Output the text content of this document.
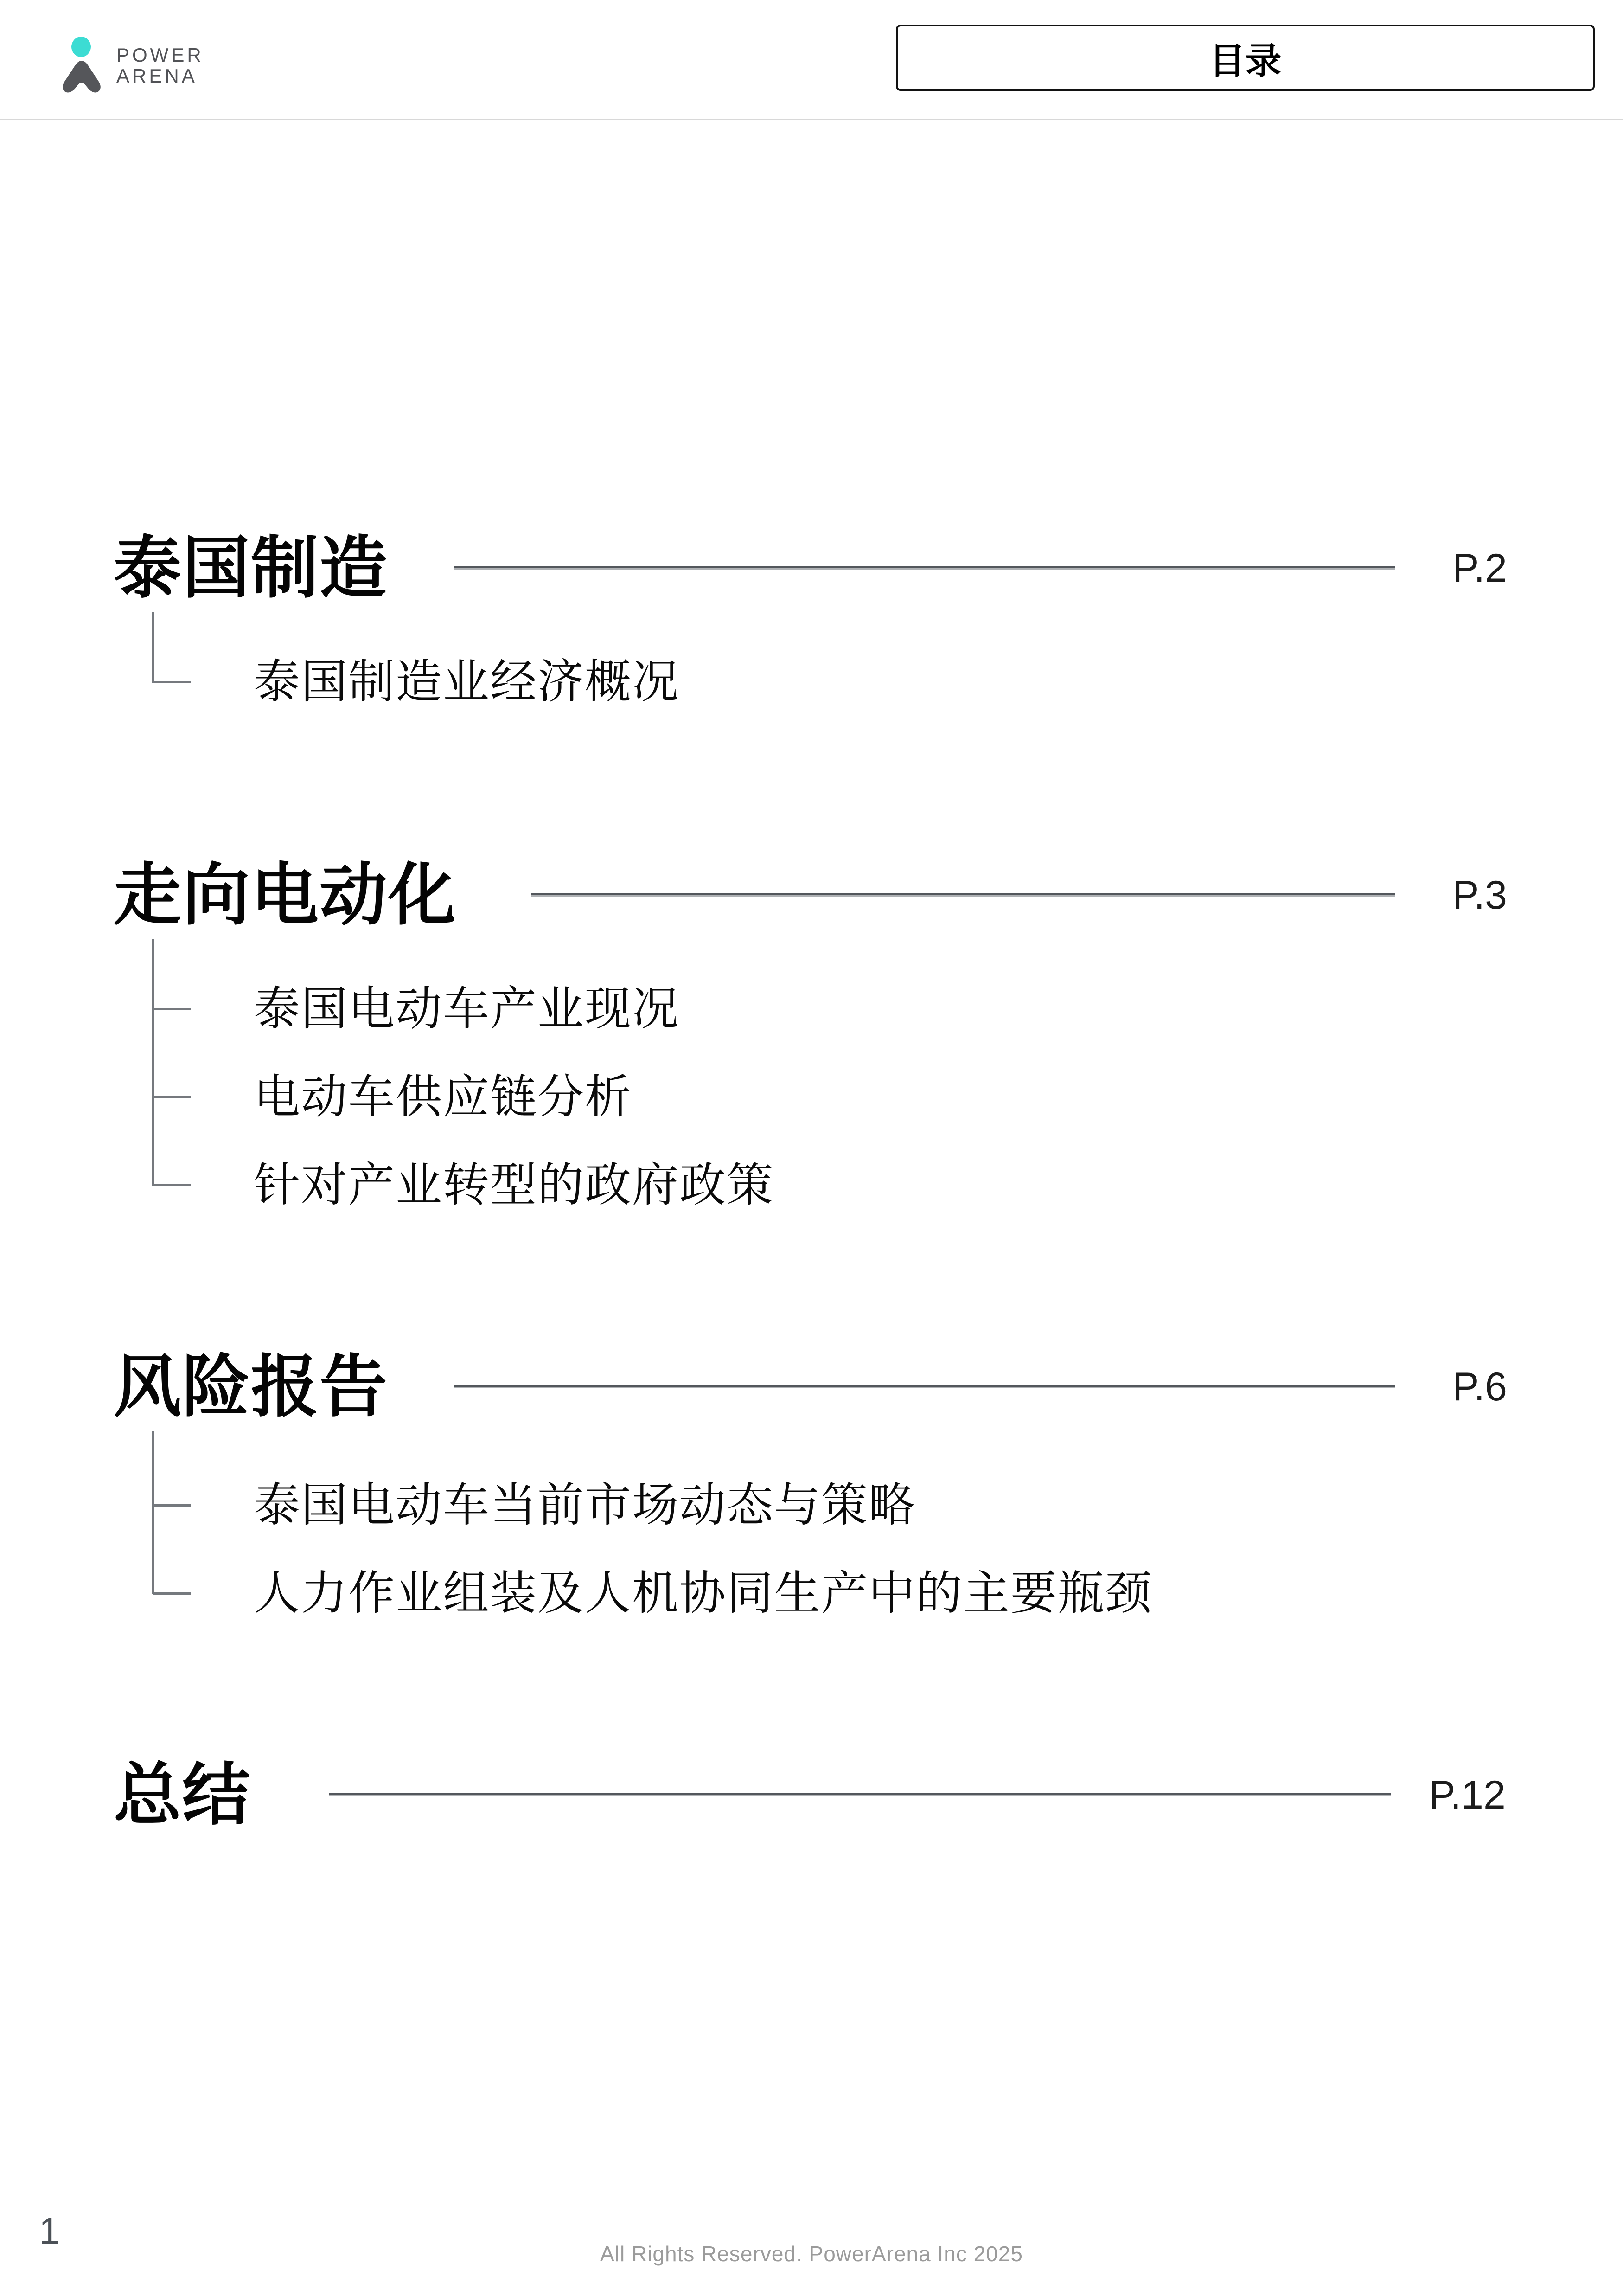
POWER
ARENA	目录
泰国制造	P.2
泰国制造业经济概况
走向电动化	P.3
泰国电动车产业现况
电动车供应链分析
针对产业转型的政府政策
风险报告	P.6
泰国电动车当前市场动态与策略
人力作业组装及人机协同生产中的主要瓶颈
总结	P.12
1
All Rights Reserved. PowerArena Inc 2025
